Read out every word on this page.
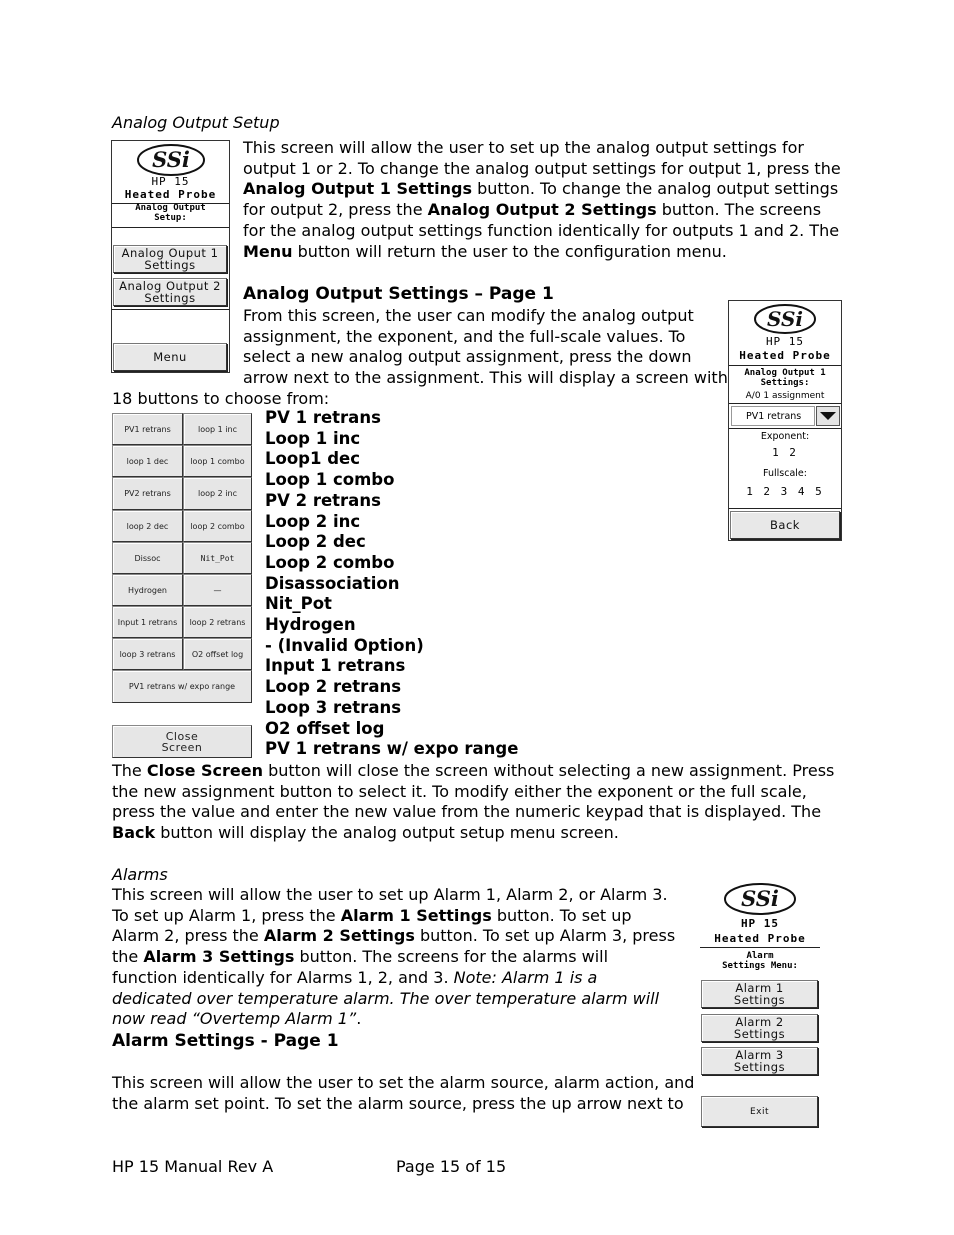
Analog Output Setup
SSi
HP 15
Heated Probe
Analog Output
Setup:
Analog Ouput 1
Settings
Analog Output 2
Settings
Menu
This screen will allow the user to set up the analog output settings for output 1 or 2. To change the analog output settings for output 1, press the Analog Output 1 Settings button. To change the analog output settings for output 2, press the Analog Output 2 Settings button. The screens for the analog output settings function identically for outputs 1 and 2. The Menu button will return the user to the configuration menu.
Analog Output Settings – Page 1
From this screen, the user can modify the analog output
assignment, the exponent, and the full-scale values. To
select a new analog output assignment, press the down
arrow next to the assignment. This will display a screen with
18 buttons to choose from:
SSi
HP 15
Heated Probe
Analog Output 1
Settings:
A/0 1 assignment
PV1 retrans
Exponent:
1 2
Fullscale:
1 2 3 4 5
Back
PV1 retrans	loop 1 inc
loop 1 dec	loop 1 combo
PV2 retrans	loop 2 inc
loop 2 dec	loop 2 combo
Dissoc	Nit_Pot
Hydrogen	—
Input 1 retrans	loop 2 retrans
loop 3 retrans	O2 offset log
PV1 retrans w/ expo range
Close
Screen
PV 1 retrans
Loop 1 inc
Loop1 dec
Loop 1 combo
PV 2 retrans
Loop 2 inc
Loop 2 dec
Loop 2 combo
Disassociation
Nit_Pot
Hydrogen
- (Invalid Option)
Input 1 retrans
Loop 2 retrans
Loop 3 retrans
O2 offset log
PV 1 retrans w/ expo range
The Close Screen button will close the screen without selecting a new assignment. Press the new assignment button to select it. To modify either the exponent or the full scale, press the value and enter the new value from the numeric keypad that is displayed. The Back button will display the analog output setup menu screen.
Alarms
This screen will allow the user to set up Alarm 1, Alarm 2, or Alarm 3. To set up Alarm 1, press the Alarm 1 Settings button. To set up Alarm 2, press the Alarm 2 Settings button. To set up Alarm 3, press the Alarm 3 Settings button. The screens for the alarms will function identically for Alarms 1, 2, and 3. Note: Alarm 1 is a dedicated over temperature alarm. The over temperature alarm will now read “Overtemp Alarm 1”.
Alarm Settings - Page 1
This screen will allow the user to set the alarm source, alarm action, and
the alarm set point. To set the alarm source, press the up arrow next to
SSi
HP 15
Heated Probe
Alarm
Settings Menu:
Alarm 1
Settings
Alarm 2
Settings
Alarm 3
Settings
Exit
HP 15 Manual Rev A	Page 15 of 15
